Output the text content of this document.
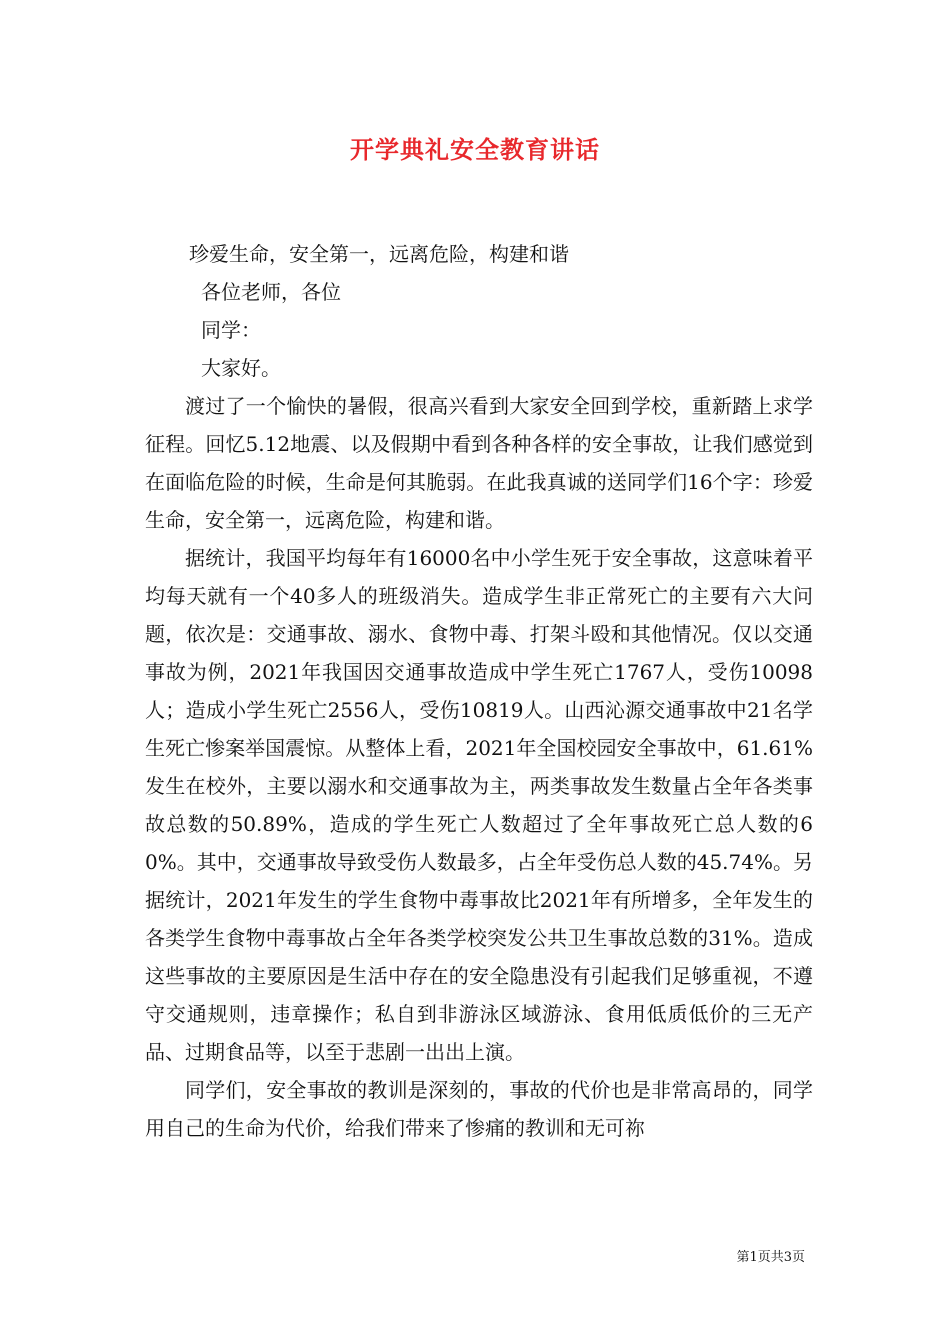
开学典礼安全教育讲话

珍爱生命，安全第一，远离危险，构建和谐

各位老师，各位

同学：

大家好。

渡过了一个愉快的暑假，很高兴看到大家安全回到学校，重新踏上求学征程。回忆5.12地震、以及假期中看到各种各样的安全事故，让我们感觉到在面临危险的时候，生命是何其脆弱。在此我真诚的送同学们16个字：珍爱生命，安全第一，远离危险，构建和谐。

据统计，我国平均每年有16000名中小学生死于安全事故，这意味着平均每天就有一个40多人的班级消失。造成学生非正常死亡的主要有六大问题，依次是：交通事故、溺水、食物中毒、打架斗殴和其他情况。仅以交通事故为例，2021年我国因交通事故造成中学生死亡1767人，受伤10098人；造成小学生死亡2556人，受伤10819人。山西沁源交通事故中21名学生死亡惨案举国震惊。从整体上看，2021年全国校园安全事故中，61.61%发生在校外，主要以溺水和交通事故为主，两类事故发生数量占全年各类事故总数的50.89%，造成的学生死亡人数超过了全年事故死亡总人数的60%。其中，交通事故导致受伤人数最多，占全年受伤总人数的45.74%。另据统计，2021年发生的学生食物中毒事故比2021年有所增多，全年发生的各类学生食物中毒事故占全年各类学校突发公共卫生事故总数的31%。造成这些事故的主要原因是生活中存在的安全隐患没有引起我们足够重视，不遵守交通规则，违章操作；私自到非游泳区域游泳、食用低质低价的三无产品、过期食品等，以至于悲剧一出出上演。

同学们，安全事故的教训是深刻的，事故的代价也是非常高昂的，同学用自己的生命为代价，给我们带来了惨痛的教训和无可祢

第1页共3页
